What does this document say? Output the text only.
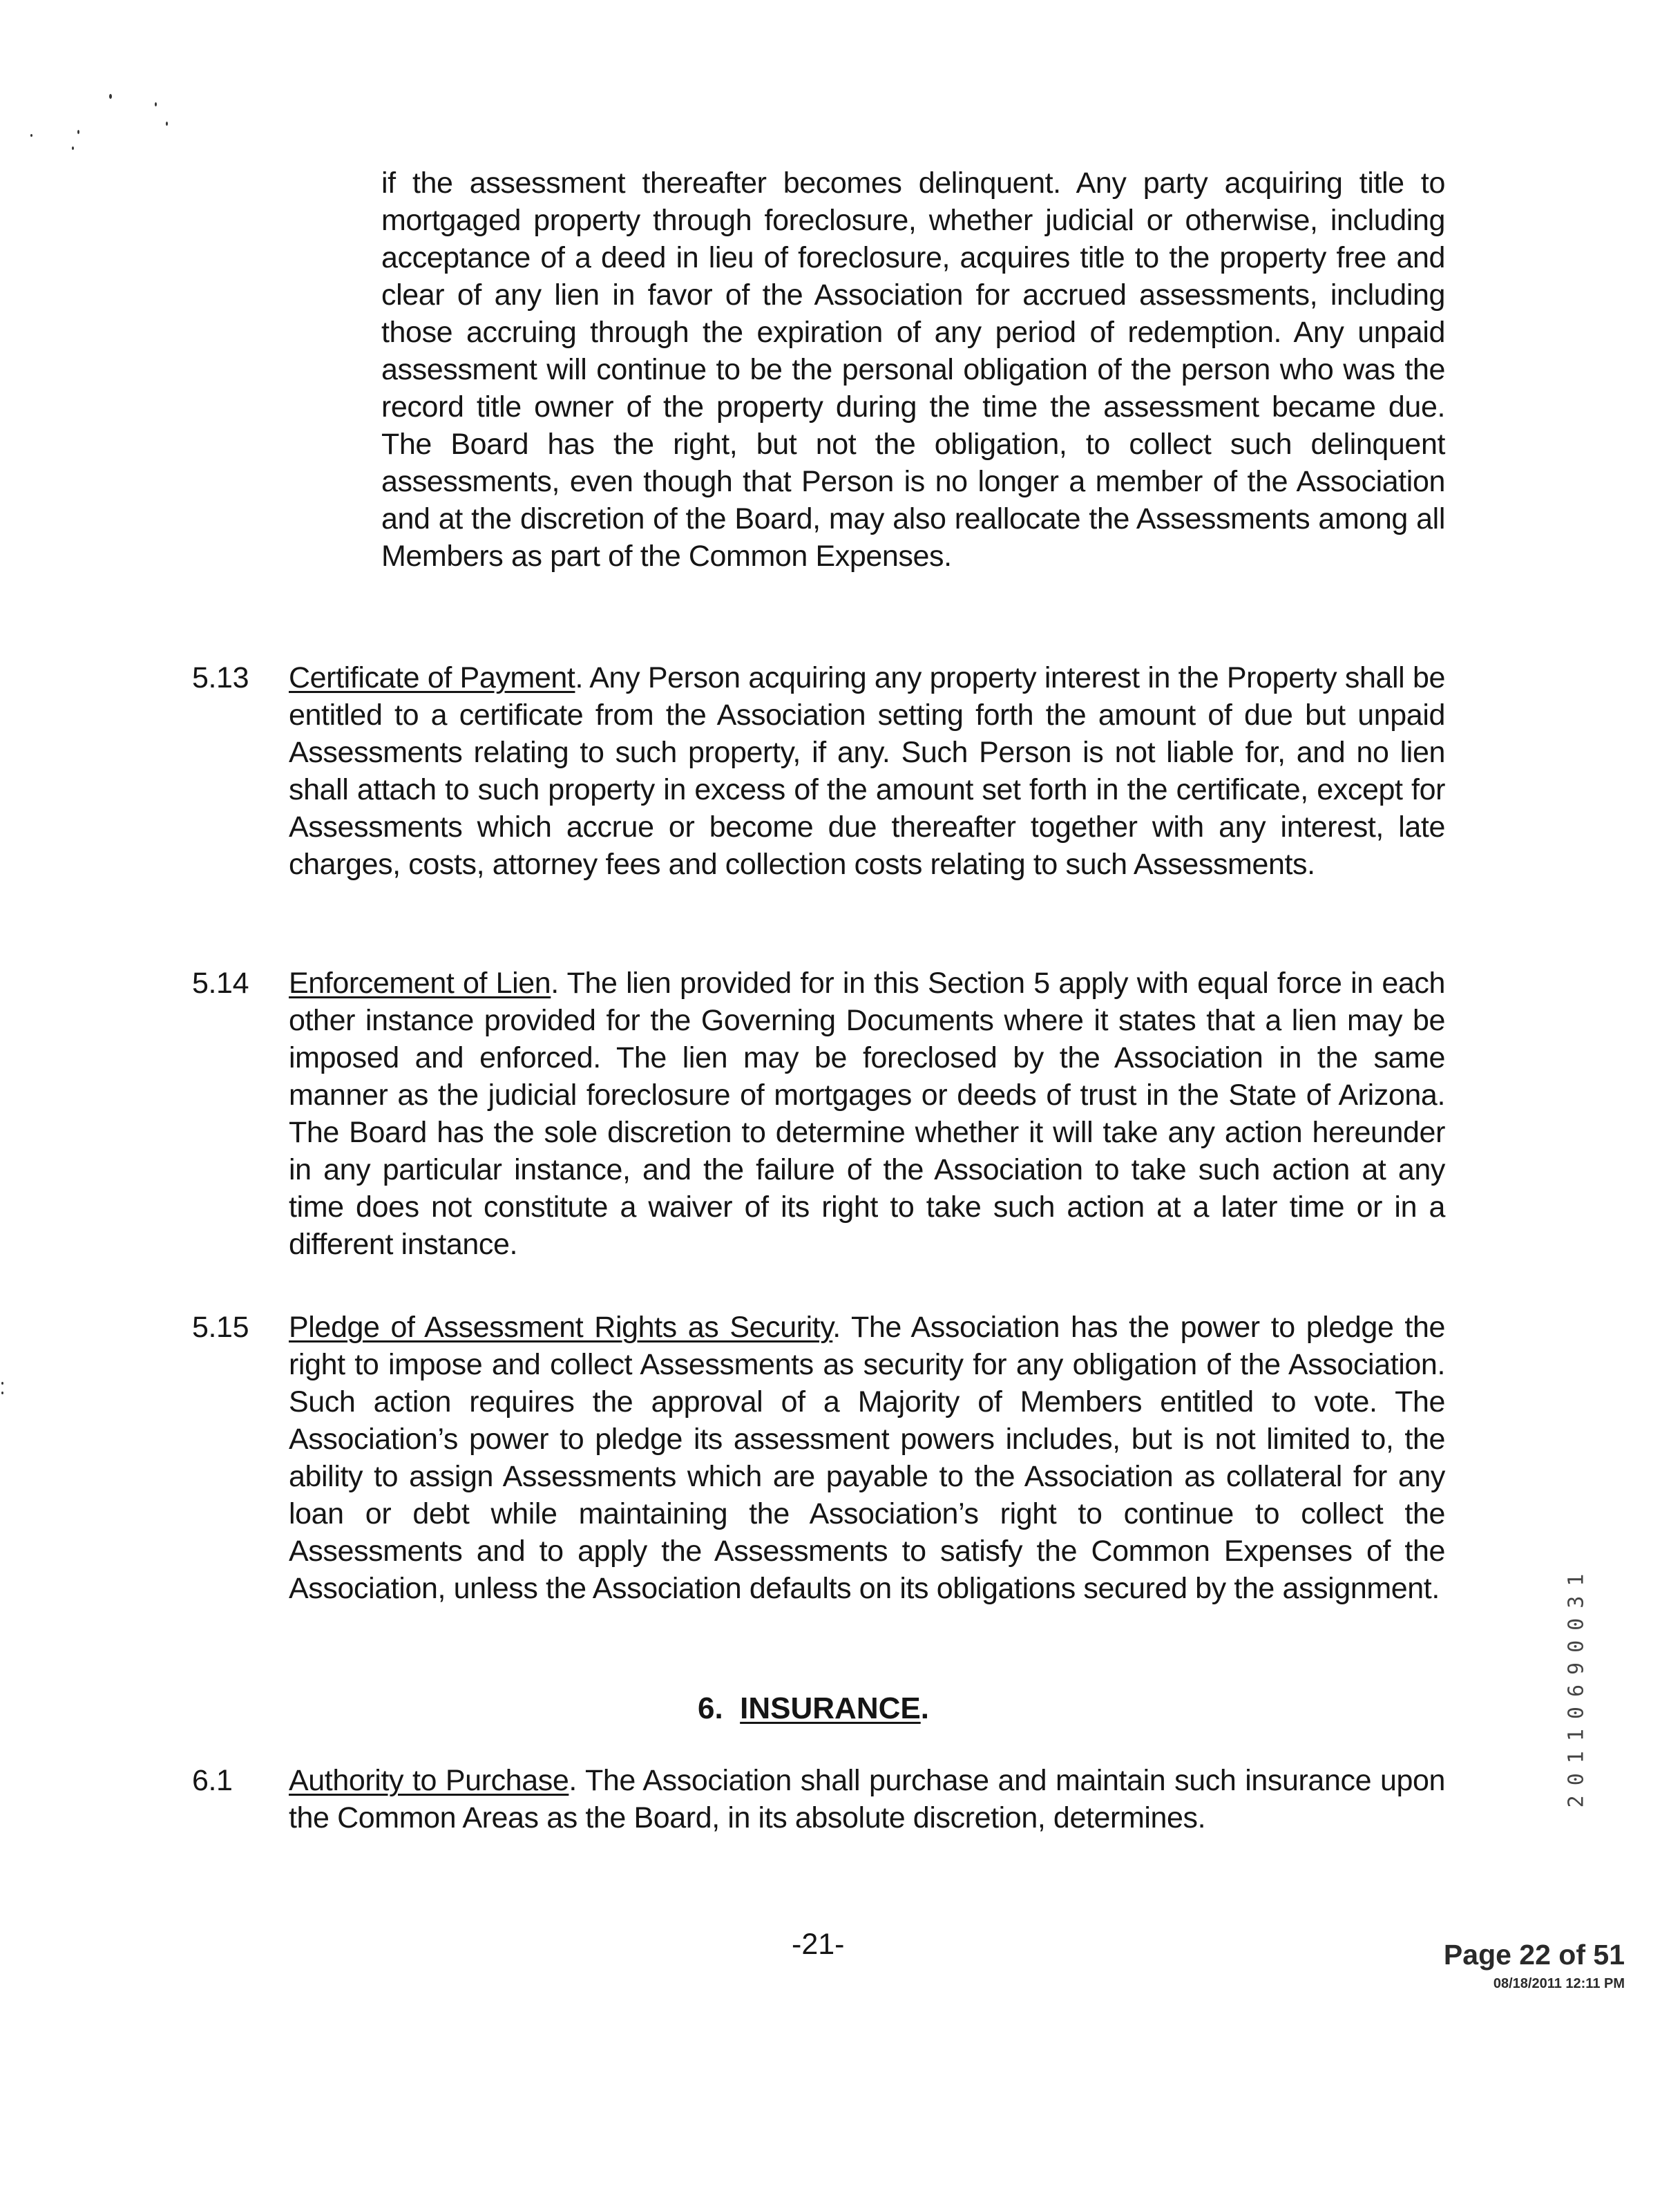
if the assessment thereafter becomes delinquent. Any party acquiring title to mortgaged property through foreclosure, whether judicial or otherwise, including acceptance of a deed in lieu of foreclosure, acquires title to the property free and clear of any lien in favor of the Association for accrued assessments, including those accruing through the expiration of any period of redemption. Any unpaid assessment will continue to be the personal obligation of the person who was the record title owner of the property during the time the assessment became due. The Board has the right, but not the obligation, to collect such delinquent assessments, even though that Person is no longer a member of the Association and at the discretion of the Board, may also reallocate the Assessments among all Members as part of the Common Expenses.
5.13	Certificate of Payment. Any Person acquiring any property interest in the Property shall be entitled to a certificate from the Association setting forth the amount of due but unpaid Assessments relating to such property, if any. Such Person is not liable for, and no lien shall attach to such property in excess of the amount set forth in the certificate, except for Assessments which accrue or become due thereafter together with any interest, late charges, costs, attorney fees and collection costs relating to such Assessments.
5.14	Enforcement of Lien. The lien provided for in this Section 5 apply with equal force in each other instance provided for the Governing Documents where it states that a lien may be imposed and enforced. The lien may be foreclosed by the Association in the same manner as the judicial foreclosure of mortgages or deeds of trust in the State of Arizona. The Board has the sole discretion to determine whether it will take any action hereunder in any particular instance, and the failure of the Association to take such action at any time does not constitute a waiver of its right to take such action at a later time or in a different instance.
5.15	Pledge of Assessment Rights as Security. The Association has the power to pledge the right to impose and collect Assessments as security for any obligation of the Association. Such action requires the approval of a Majority of Members entitled to vote. The Association’s power to pledge its assessment powers includes, but is not limited to, the ability to assign Assessments which are payable to the Association as collateral for any loan or debt while maintaining the Association’s right to continue to collect the Assessments and to apply the Assessments to satisfy the Common Expenses of the Association, unless the Association defaults on its obligations secured by the assignment.
6. INSURANCE.
6.1	Authority to Purchase. The Association shall purchase and maintain such insurance upon the Common Areas as the Board, in its absolute discretion, determines.
20110690031
-21-	Page 22 of 51
08/18/2011 12:11 PM
